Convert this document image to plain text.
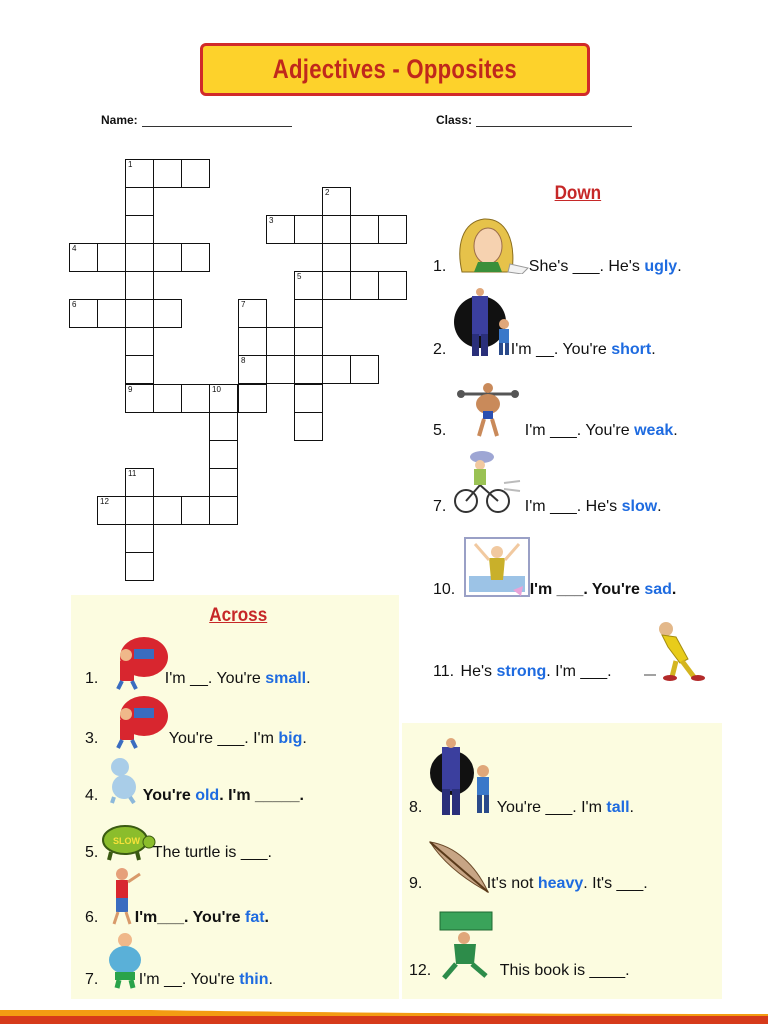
Adjectives - Opposites
Name:	Class:
1
2
3
4
5
6	7
8
9	10
11
12
Down
1.	She's ___. He's ugly.
2.	I'm __. You're short.
5.	I'm ___. You're weak.
7.	I'm ___. He's slow.
10.	I'm ___. You're sad.
11. He's strong. I'm ___.
8.	You're ___. I'm tall.
9.	It's not heavy. It's ___.
12.	This book is ____.
Across
SLOW
1.	I'm __. You're small.
3.	You're ___. I'm big.
4.	You're old. I'm _____.
5.	The turtle is ___.
6. I'm___. You're fat.
7.	I'm __. You're thin.
